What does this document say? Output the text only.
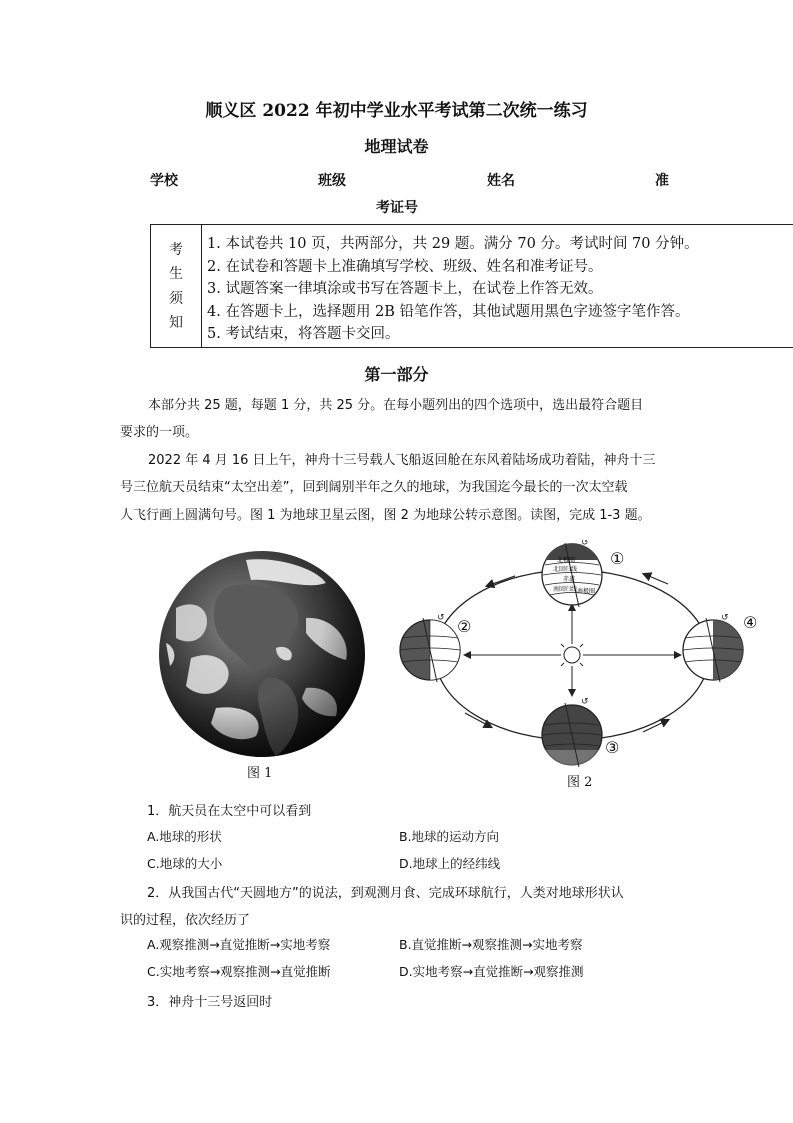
顺义区 2022 年初中学业水平考试第二次统一练习
地理试卷
学校	班级	姓名	准
考证号
考
生
须
知
1. 本试卷共 10 页，共两部分，共 29 题。满分 70 分。考试时间 70 分钟。
2. 在试卷和答题卡上准确填写学校、班级、姓名和准考证号。
3. 试题答案一律填涂或书写在答题卡上，在试卷上作答无效。
4. 在答题卡上，选择题用 2B 铅笔作答，其他试题用黑色字迹签字笔作答。
5. 考试结束，将答题卡交回。
第一部分
本部分共 25 题，每题 1 分，共 25 分。在每小题列出的四个选项中，选出最符合题目
要求的一项。
2022 年 4 月 16 日上午，神舟十三号载人飞船返回舱在东风着陆场成功着陆，神舟十三
号三位航天员结束“太空出差”，回到阔别半年之久的地球，为我国迄今最长的一次太空载
人飞行画上圆满句号。图 1 为地球卫星云图，图 2 为地球公转示意图。读图，完成 1-3 题。
图 1
北极圈
北回归线
赤道
南回归线 南极圈
↺
↺
↺
↺
①
②
③
④
图 2
1．航天员在太空中可以看到
A.地球的形状	B.地球的运动方向
C.地球的大小	D.地球上的经纬线
2．从我国古代“天圆地方”的说法，到观测月食、完成环球航行，人类对地球形状认
识的过程，依次经历了
A.观察推测→直觉推断→实地考察	B.直觉推断→观察推测→实地考察
C.实地考察→观察推测→直觉推断	D.实地考察→直觉推断→观察推测
3．神舟十三号返回时
